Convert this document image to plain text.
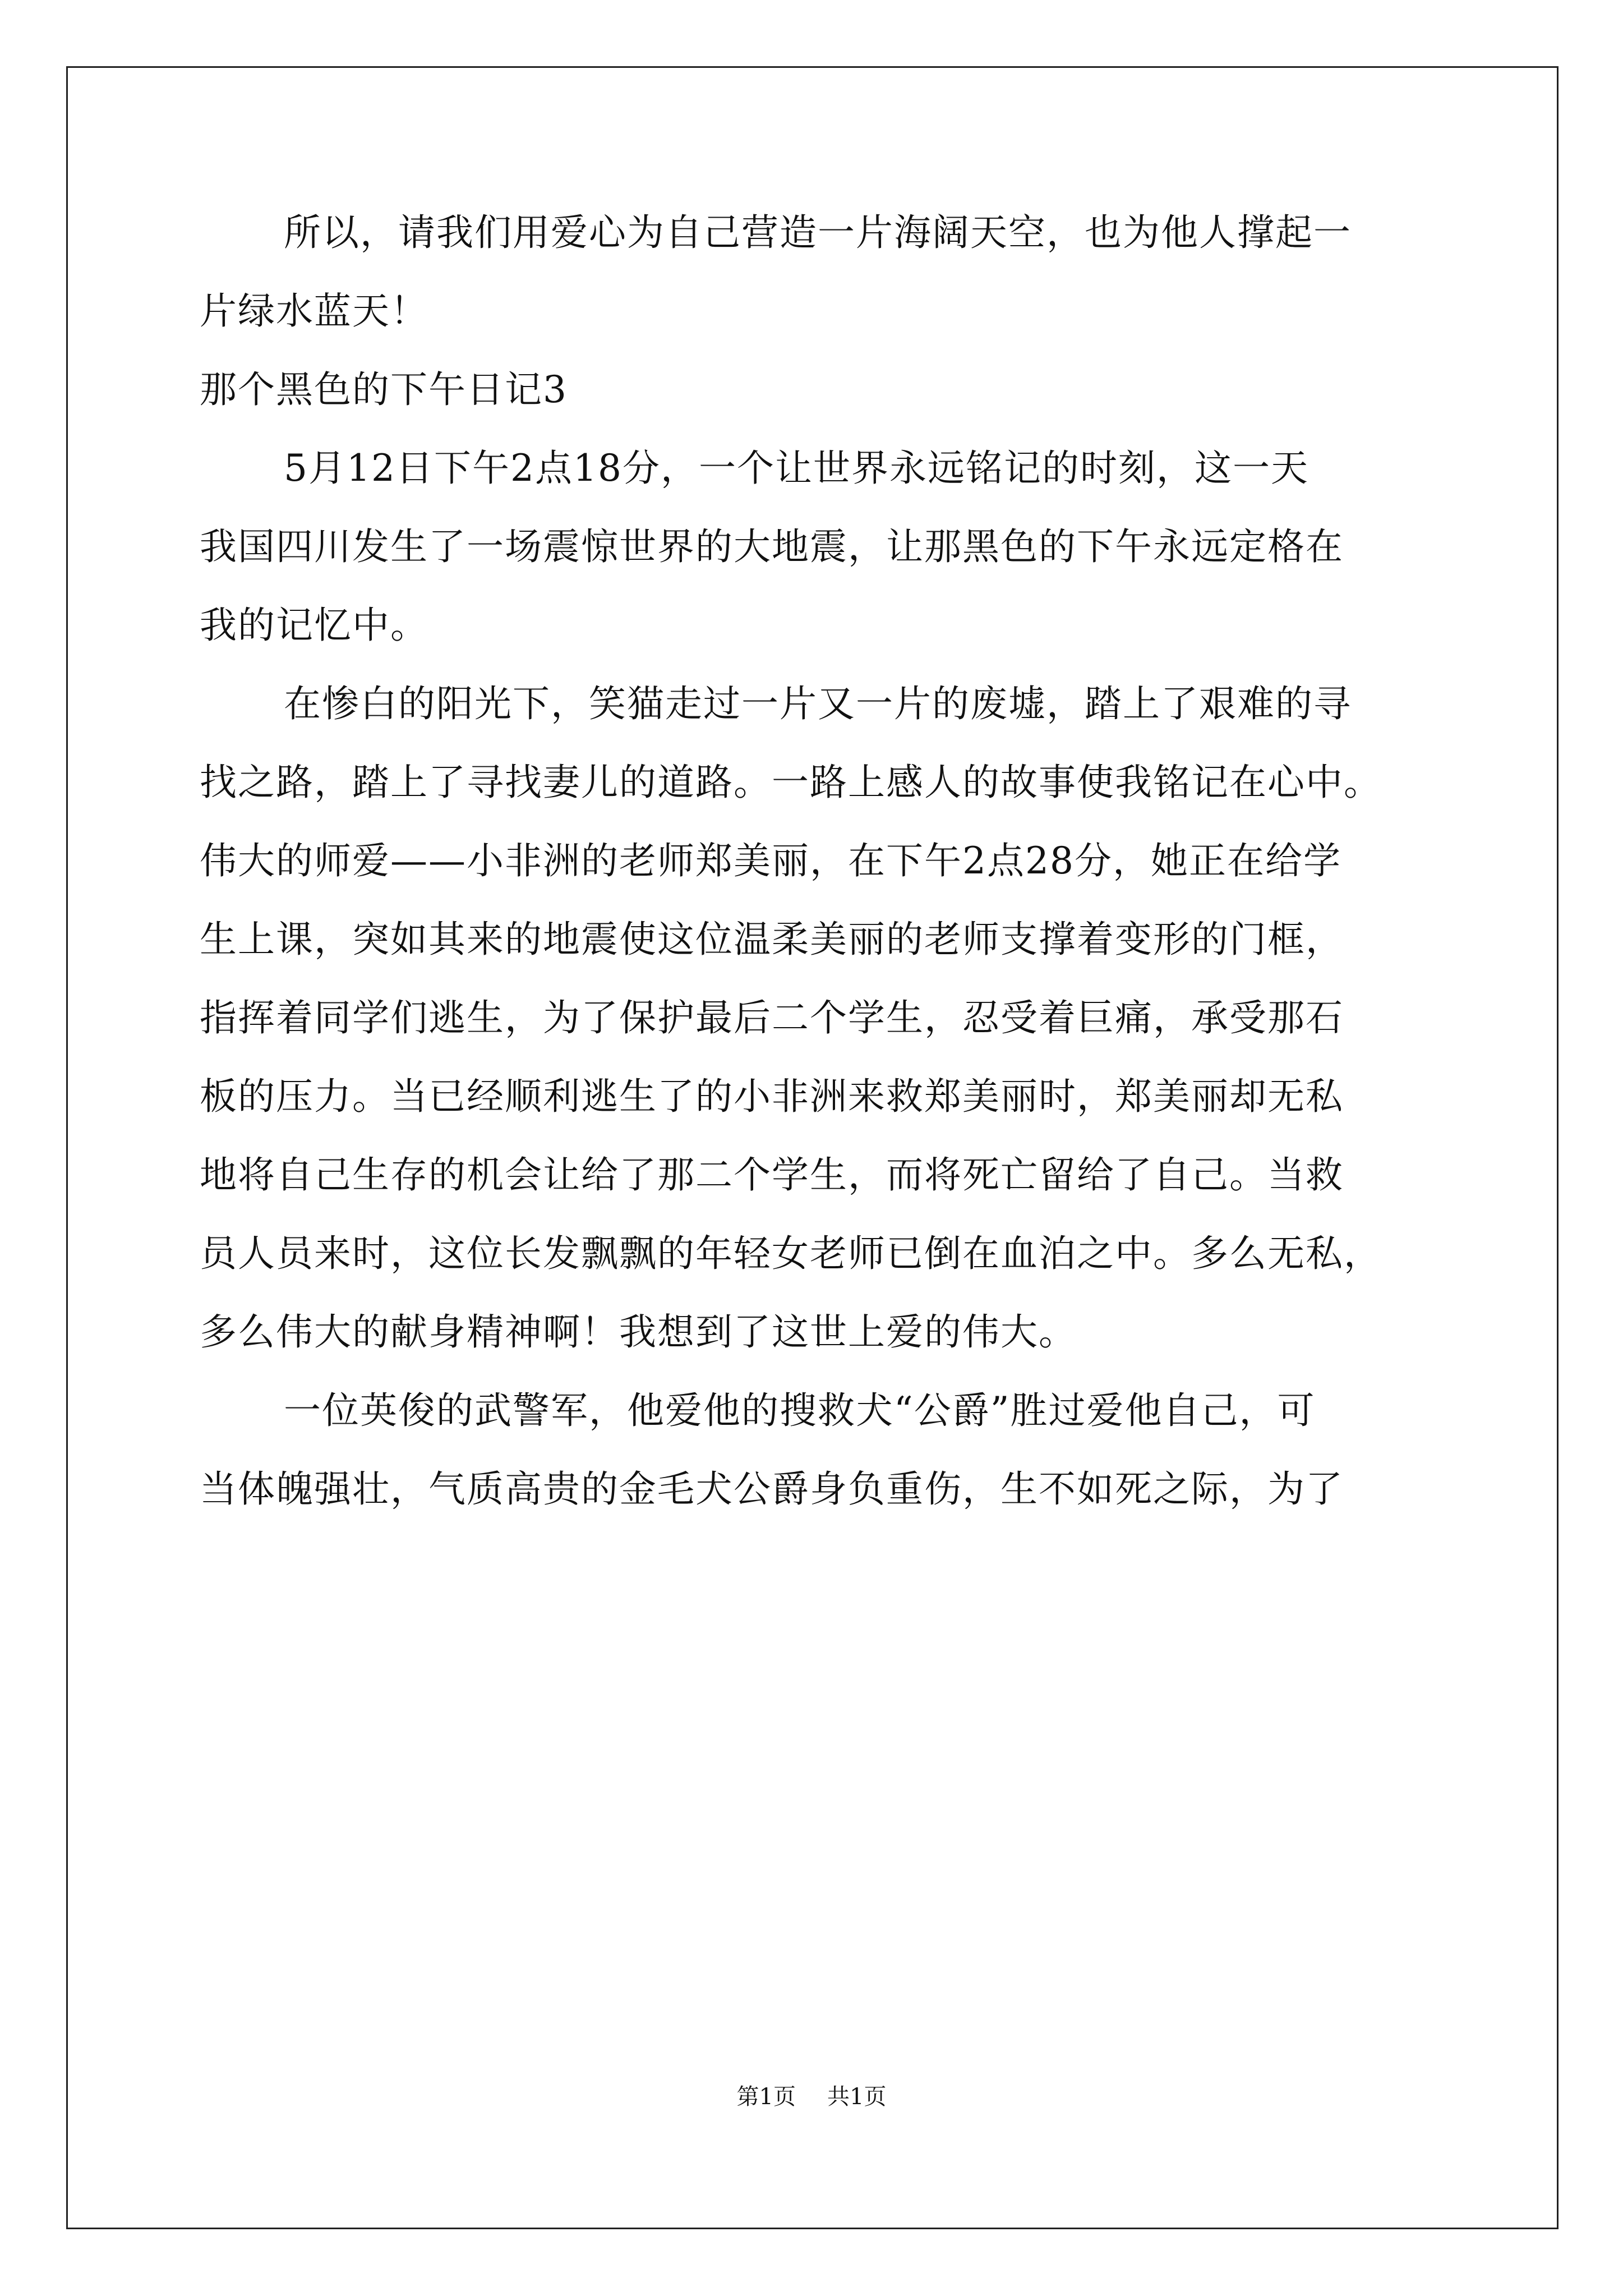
所以，请我们用爱心为自己营造一片海阔天空，也为他人撑起一
片绿水蓝天！
那个黑色的下午日记3
5月12日下午2点18分，一个让世界永远铭记的时刻，这一天
我国四川发生了一场震惊世界的大地震，让那黑色的下午永远定格在
我的记忆中。
在惨白的阳光下，笑猫走过一片又一片的废墟，踏上了艰难的寻
找之路，踏上了寻找妻儿的道路。一路上感人的故事使我铭记在心中。
伟大的师爱——小非洲的老师郑美丽，在下午2点28分，她正在给学
生上课，突如其来的地震使这位温柔美丽的老师支撑着变形的门框，
指挥着同学们逃生，为了保护最后二个学生，忍受着巨痛，承受那石
板的压力。当已经顺利逃生了的小非洲来救郑美丽时，郑美丽却无私
地将自己生存的机会让给了那二个学生，而将死亡留给了自己。当救
员人员来时，这位长发飘飘的年轻女老师已倒在血泊之中。多么无私，
多么伟大的献身精神啊！我想到了这世上爱的伟大。
一位英俊的武警军，他爱他的搜救犬“公爵”胜过爱他自己，可
当体魄强壮，气质高贵的金毛犬公爵身负重伤，生不如死之际，为了
第1页 共1页
